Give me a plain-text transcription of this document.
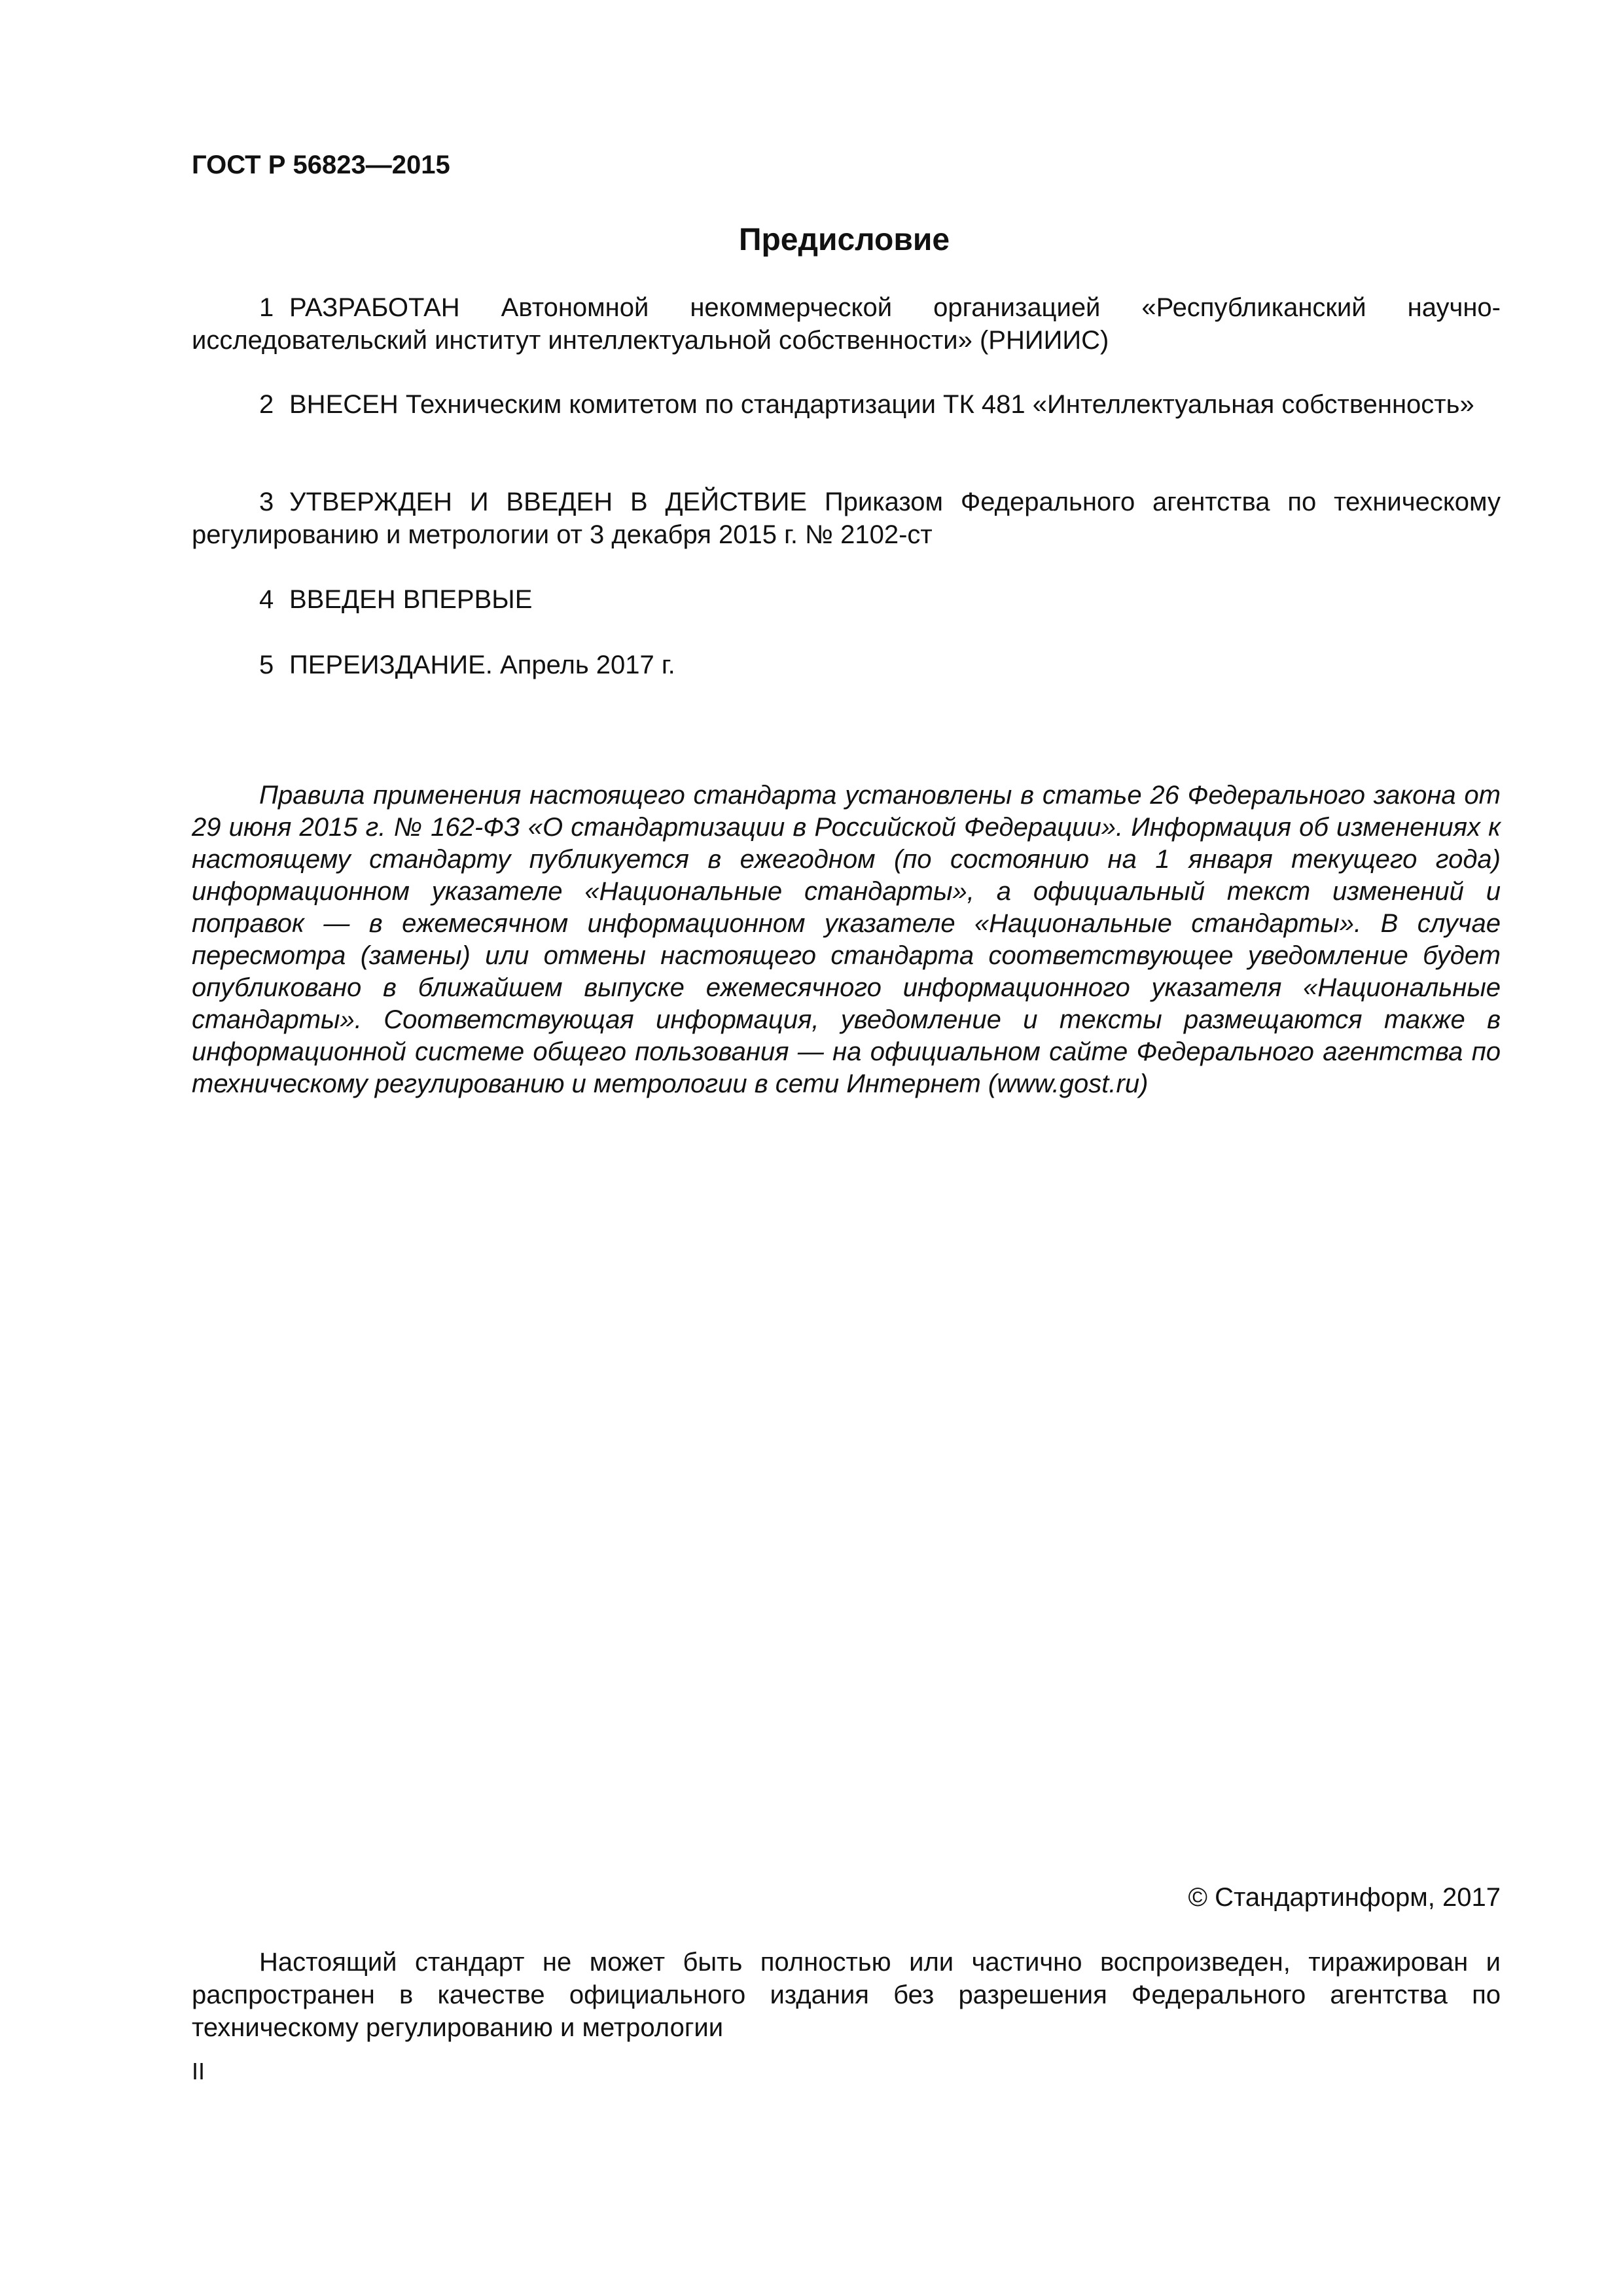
ГОСТ Р 56823—2015
Предисловие
1 РАЗРАБОТАН Автономной некоммерческой организацией «Республиканский научно-исследовательский институт интеллектуальной собственности» (РНИИИС)
2 ВНЕСЕН Техническим комитетом по стандартизации ТК 481 «Интеллектуальная собственность»
3 УТВЕРЖДЕН И ВВЕДЕН В ДЕЙСТВИЕ Приказом Федерального агентства по техническому регулированию и метрологии от 3 декабря 2015 г. № 2102-ст
4 ВВЕДЕН ВПЕРВЫЕ
5 ПЕРЕИЗДАНИЕ. Апрель 2017 г.
Правила применения настоящего стандарта установлены в статье 26 Федерального закона от 29 июня 2015 г. № 162-ФЗ «О стандартизации в Российской Федерации». Информация об изменениях к настоящему стандарту публикуется в ежегодном (по состоянию на 1 января текущего года) информационном указателе «Национальные стандарты», а официальный текст изменений и поправок — в ежемесячном информационном указателе «Национальные стандарты». В случае пересмотра (замены) или отмены настоящего стандарта соответствующее уведомление будет опубликовано в ближайшем выпуске ежемесячного информационного указателя «Национальные стандарты». Соответствующая информация, уведомление и тексты размещаются также в информационной системе общего пользования — на официальном сайте Федерального агентства по техническому регулированию и метрологии в сети Интернет (www.gost.ru)
© Стандартинформ, 2017
Настоящий стандарт не может быть полностью или частично воспроизведен, тиражирован и распространен в качестве официального издания без разрешения Федерального агентства по техническому регулированию и метрологии
II
